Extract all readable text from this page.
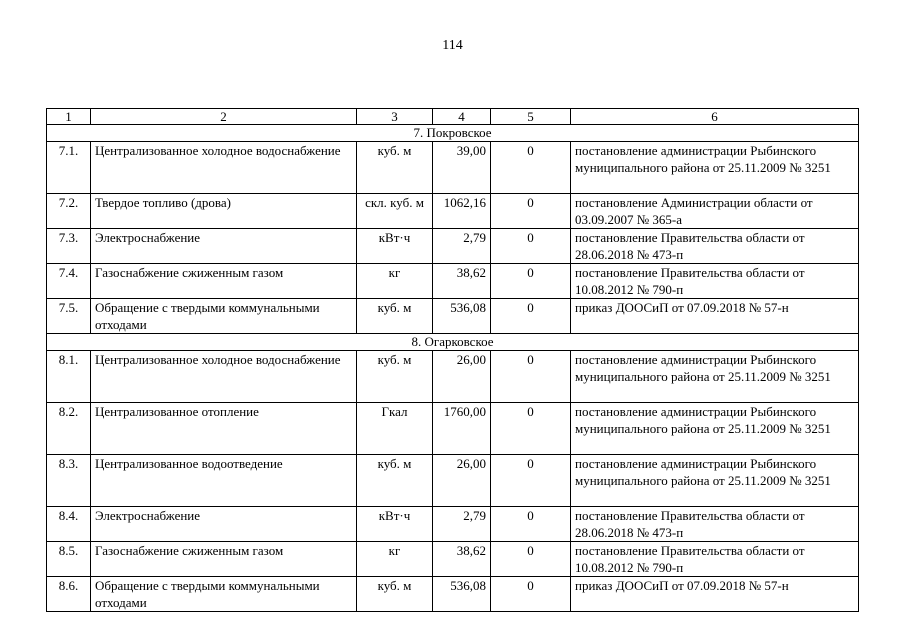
114
1	2	3	4	5	6
7. Покровское					
7.1.	Централизованное холодное водоснабжение	куб. м	39,00	0	постановление администрации Рыбинского муниципального района от 25.11.2009 № 3251
7.2.	Твердое топливо (дрова)	скл. куб. м	1062,16	0	постановление Администрации области от 03.09.2007 № 365-а
7.3.	Электроснабжение	кВт·ч	2,79	0	постановление Правительства области от 28.06.2018 № 473-п
7.4.	Газоснабжение сжиженным газом	кг	38,62	0	постановление Правительства области от 10.08.2012 № 790-п
7.5.	Обращение с твердыми коммунальными отходами	куб. м	536,08	0	приказ ДООСиП от 07.09.2018 № 57-н
8. Огарковское					
8.1.	Централизованное холодное водоснабжение	куб. м	26,00	0	постановление администрации Рыбинского муниципального района от 25.11.2009 № 3251
8.2.	Централизованное отопление	Гкал	1760,00	0	постановление администрации Рыбинского муниципального района от 25.11.2009 № 3251
8.3.	Централизованное водоотведение	куб. м	26,00	0	постановление администрации Рыбинского муниципального района от 25.11.2009 № 3251
8.4.	Электроснабжение	кВт·ч	2,79	0	постановление Правительства области от 28.06.2018 № 473-п
8.5.	Газоснабжение сжиженным газом	кг	38,62	0	постановление Правительства области от 10.08.2012 № 790-п
8.6.	Обращение с твердыми коммунальными отходами	куб. м	536,08	0	приказ ДООСиП от 07.09.2018 № 57-н
